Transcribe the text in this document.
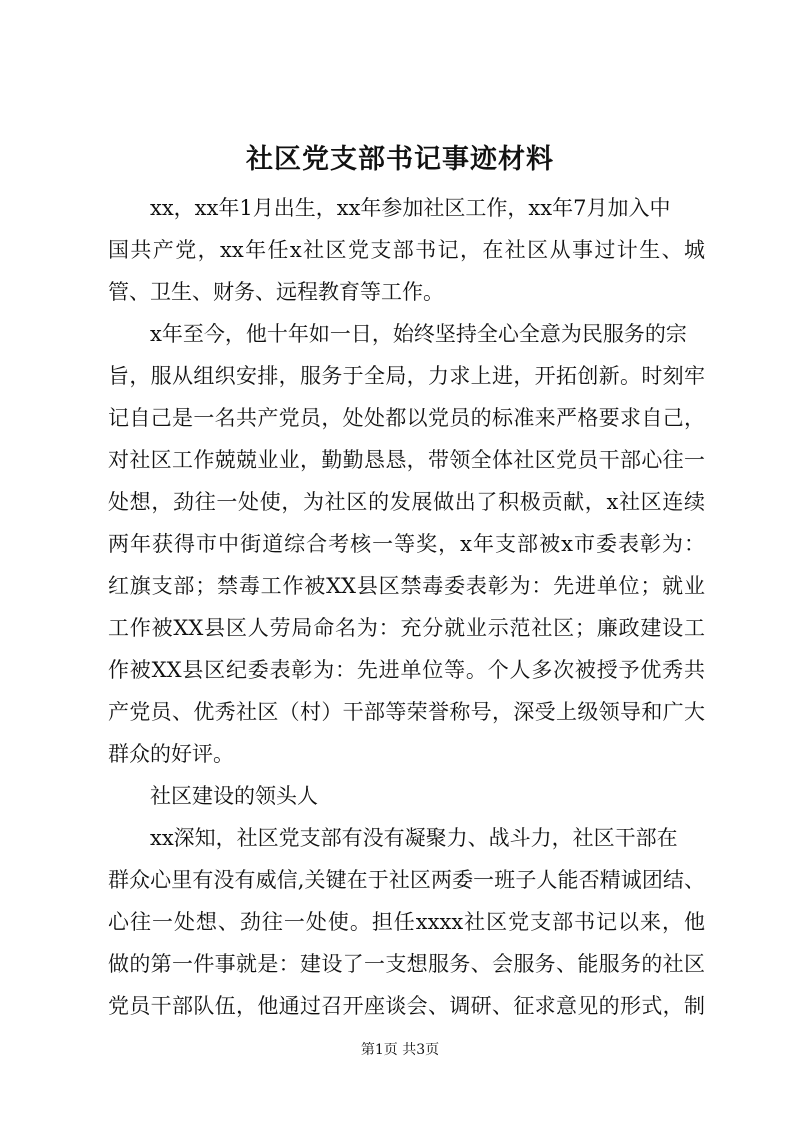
社区党支部书记事迹材料
xx，xx年1月出生，xx年参加社区工作，xx年7月加入中
国共产党，xx年任x社区党支部书记，在社区从事过计生、城
管、卫生、财务、远程教育等工作。
x年至今，他十年如一日，始终坚持全心全意为民服务的宗
旨，服从组织安排，服务于全局，力求上进，开拓创新。时刻牢
记自己是一名共产党员，处处都以党员的标准来严格要求自己，
对社区工作兢兢业业，勤勤恳恳，带领全体社区党员干部心往一
处想，劲往一处使，为社区的发展做出了积极贡献，x社区连续
两年获得市中街道综合考核一等奖，x年支部被x市委表彰为：
红旗支部；禁毒工作被XX县区禁毒委表彰为：先进单位；就业
工作被XX县区人劳局命名为：充分就业示范社区；廉政建设工
作被XX县区纪委表彰为：先进单位等。个人多次被授予优秀共
产党员、优秀社区（村）干部等荣誉称号，深受上级领导和广大
群众的好评。
社区建设的领头人
xx深知，社区党支部有没有凝聚力、战斗力，社区干部在
群众心里有没有威信,关键在于社区两委一班子人能否精诚团结、
心往一处想、劲往一处使。担任xxxx社区党支部书记以来，他
做的第一件事就是：建设了一支想服务、会服务、能服务的社区
党员干部队伍，他通过召开座谈会、调研、征求意见的形式，制
第1页 共3页
